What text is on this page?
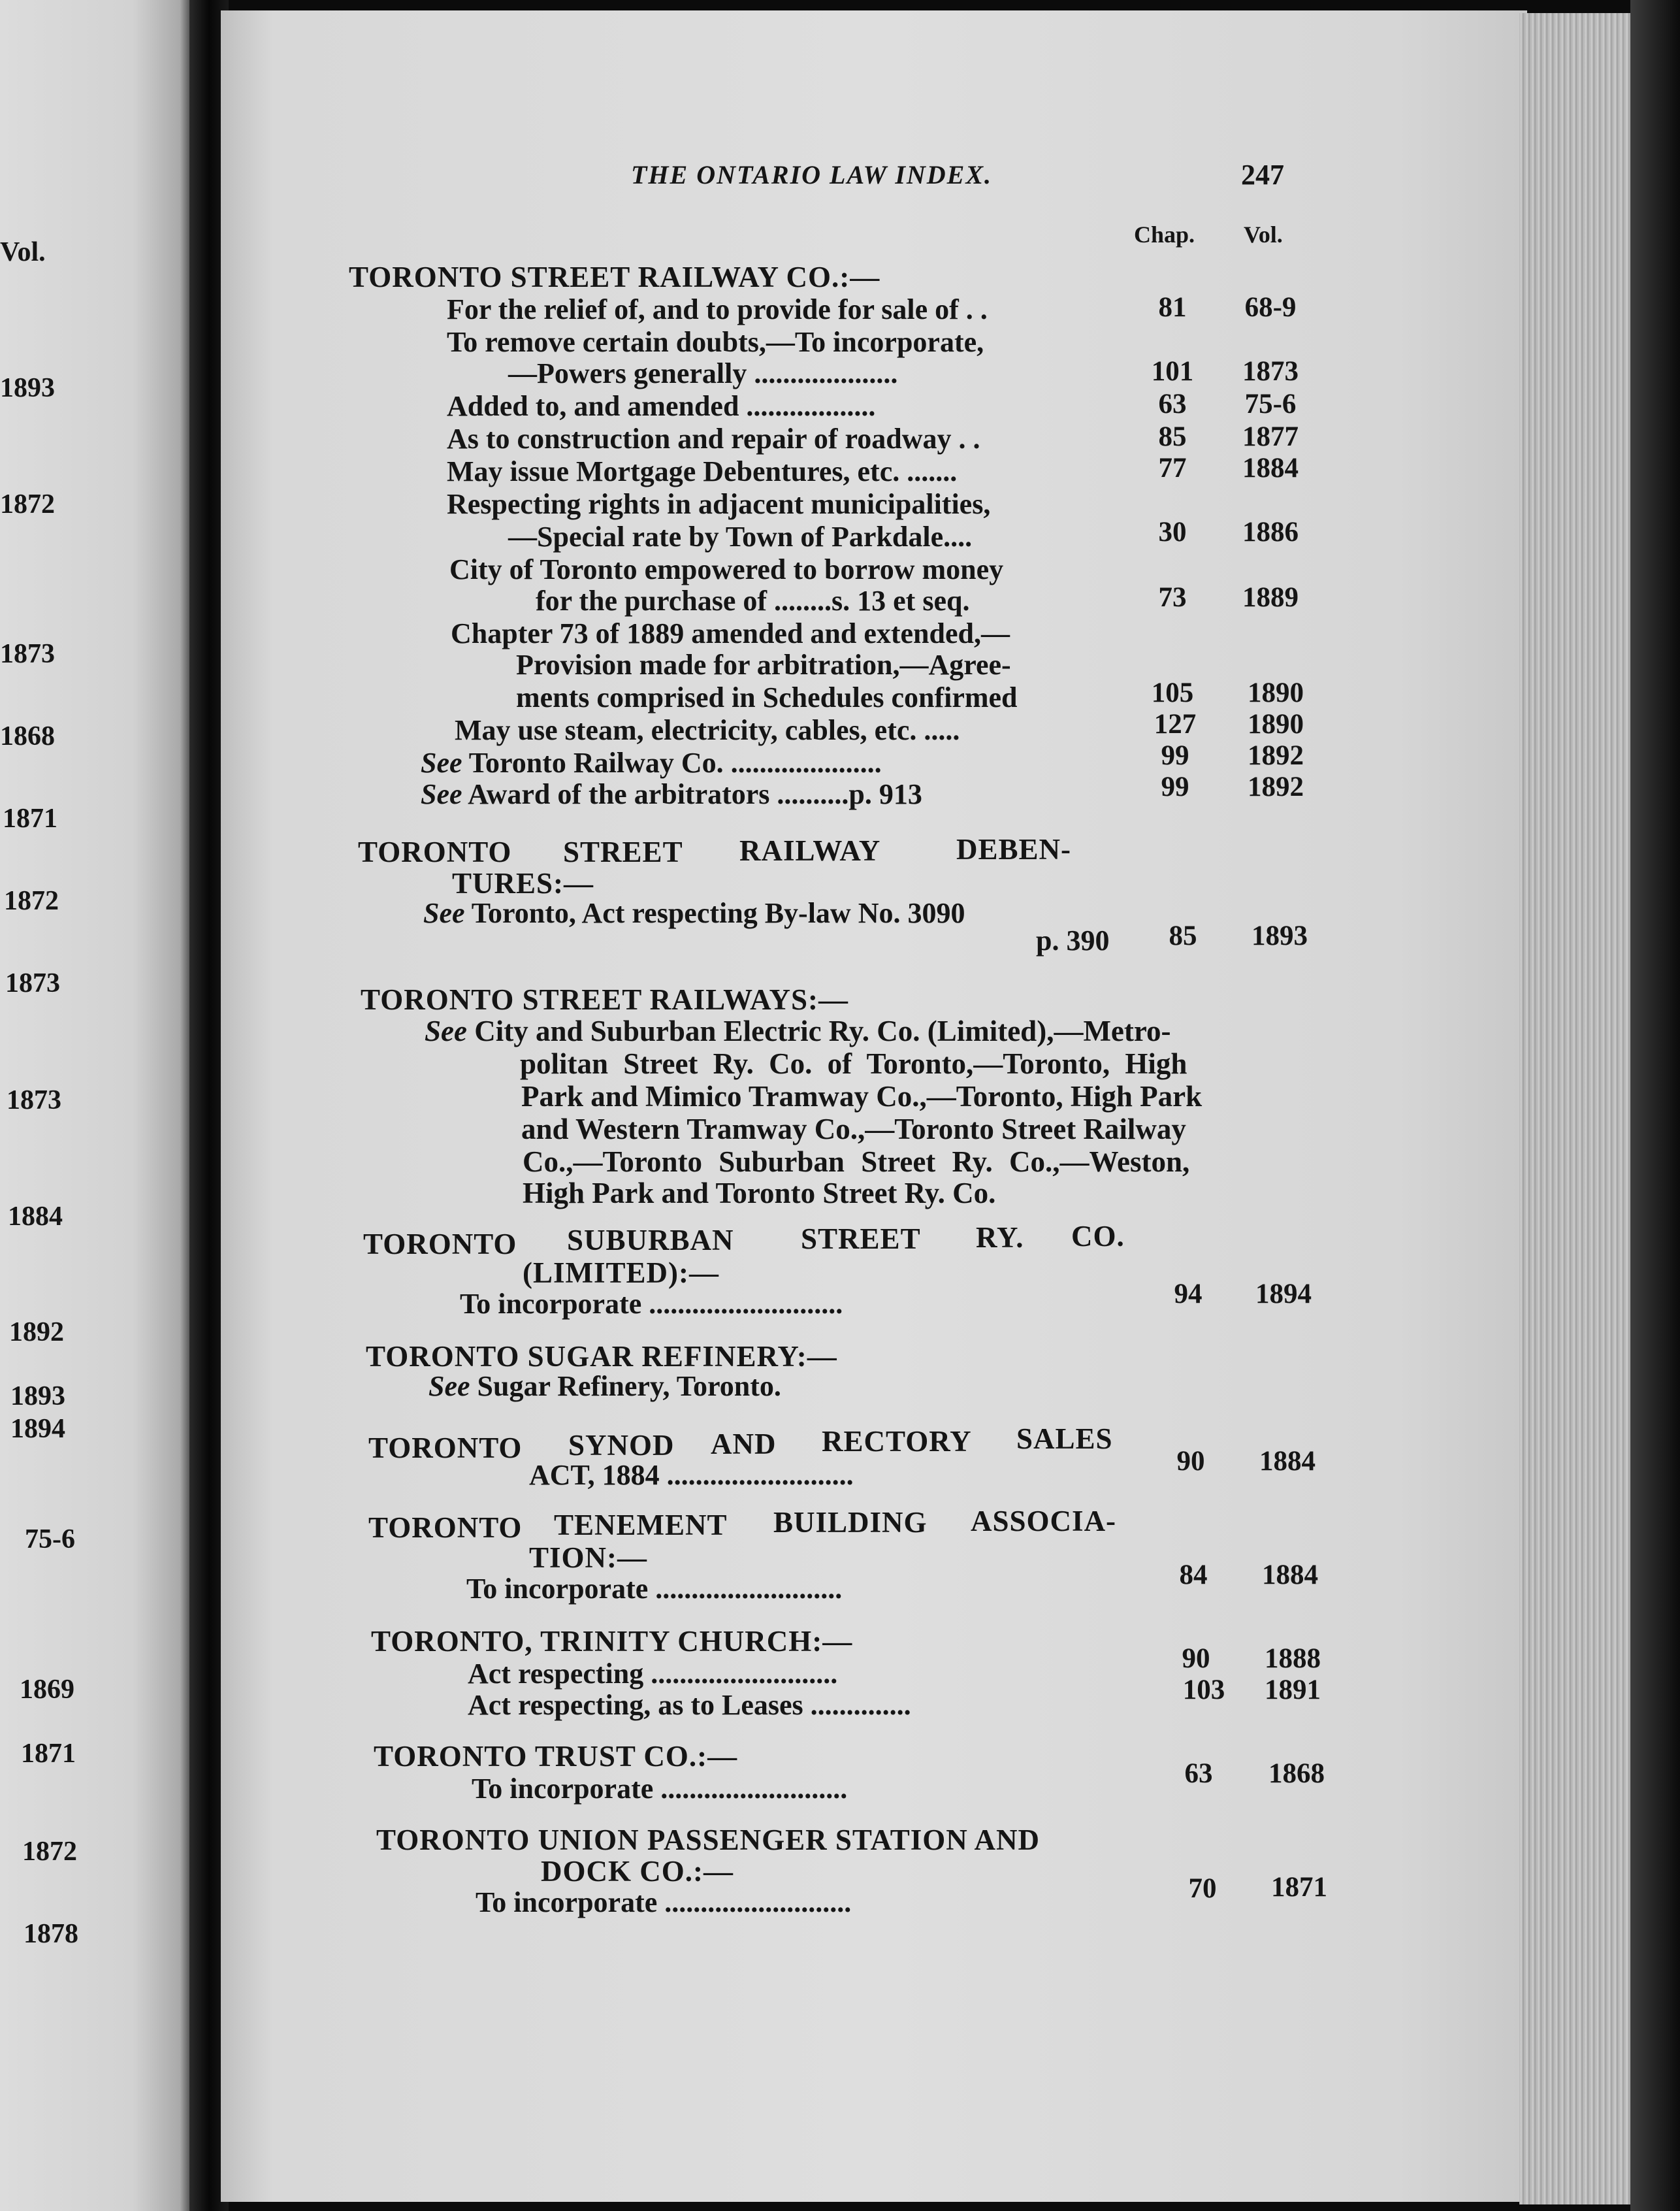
Vol.
1893
1872
1873
1868
1871
1872
1873
1873
1884
1892
1893
1894
75-6
1869
1871
1872
1878
THE ONTARIO LAW INDEX.	247
Chap. Vol.
TORONTO STREET RAILWAY CO.:—
For the relief of, and to provide for sale of . .	81	68-9
To remove certain doubts,—To incorporate,
—Powers generally ....................	101	1873
Added to, and amended ..................	63	75-6
As to construction and repair of roadway . .	85	1877
May issue Mortgage Debentures, etc. .......	77	1884
Respecting rights in adjacent municipalities,
—Special rate by Town of Parkdale....	30	1886
City of Toronto empowered to borrow money
for the purchase of ........s. 13 et seq.	73	1889
Chapter 73 of 1889 amended and extended,—
Provision made for arbitration,—Agree-
ments comprised in Schedules confirmed	105	1890
May use steam, electricity, cables, etc. .....	127	1890
See Toronto Railway Co. .....................	99	1892
See Award of the arbitrators ..........p. 913	99	1892
TORONTO STREET RAILWAY	DEBEN-
TURES:—
See Toronto, Act respecting By-law No. 3090
p. 390	85	1893
TORONTO STREET RAILWAYS:—
See City and Suburban Electric Ry. Co. (Limited),—Metro-
politan Street Ry. Co. of Toronto,—Toronto, High
Park and Mimico Tramway Co.,—Toronto, High Park
and Western Tramway Co.,—Toronto Street Railway
Co.,—Toronto Suburban Street Ry. Co.,—Weston,
High Park and Toronto Street Ry. Co.
TORONTO SUBURBAN STREET RY. CO.
(LIMITED):—
To incorporate ...........................	94	1894
TORONTO SUGAR REFINERY:—
See Sugar Refinery, Toronto.
TORONTO SYNOD AND RECTORY SALES
ACT, 1884 ..........................	90	1884
TORONTO TENEMENT BUILDING ASSOCIA-
TION:—
To incorporate ..........................	84	1884
TORONTO, TRINITY CHURCH:—
Act respecting ..........................	90	1888
Act respecting, as to Leases ..............	103	1891
TORONTO TRUST CO.:—
To incorporate ..........................	63	1868
TORONTO UNION PASSENGER STATION AND
DOCK CO.:—
To incorporate ..........................	70	1871
